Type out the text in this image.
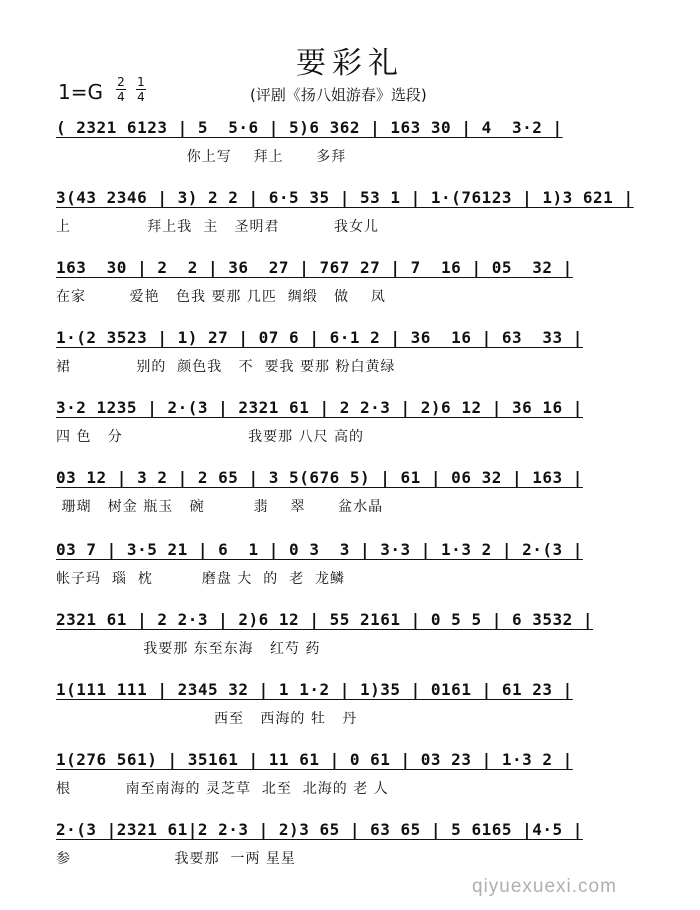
要彩礼
1=G 2
4
1
4	(评剧《扬八姐游春》选段)
( 2321 6123 | 5  5·6 | 5)6 362 | 163 30 | 4  3·2 |
你上写    拜上      多拜
3(43 2346 | 3) 2 2 | 6·5 35 | 53 1 | 1·(76123 | 1)3 621 |
上              拜上我  主   圣明君          我女儿
163  30 | 2  2 | 36  27 | 767 27 | 7  16 | 05  32 |
在家        爱艳   色我 要那 几匹  绸缎   做    凤
1·(2 3523 | 1) 27 | 07 6 | 6·1 2 | 36  16 | 63  33 |
裙            别的  颜色我   不  要我 要那 粉白黄绿
3·2 1235 | 2·(3 | 2321 61 | 2 2·3 | 2)6 12 | 36 16 |
四 色   分                       我要那 八尺 高的
03 12 | 3 2 | 2 65 | 3 5(676 5) | 61 | 06 32 | 163 |
珊瑚   树金 瓶玉   碗         翡    翠      盆水晶
03 7 | 3·5 21 | 6  1 | 0 3  3 | 3·3 | 1·3 2 | 2·(3 |
帐子玛  瑙  枕         磨盘 大  的  老  龙鳞
2321 61 | 2 2·3 | 2)6 12 | 55 2161 | 0 5 5 | 6 3532 |
我要那 东至东海   红芍 药
1(111 111 | 2345 32 | 1 1·2 | 1)35 | 0161 | 61 23 |
西至   西海的 牡   丹
1(276 561) | 35161 | 11 61 | 0 61 | 03 23 | 1·3 2 |
根          南至南海的 灵芝草  北至  北海的 老 人
2·(3 |2321 61|2 2·3 | 2)3 65 | 63 65 | 5 6165 |4·5 |
参                   我要那  一两 星星
qiyuexuexi.com
